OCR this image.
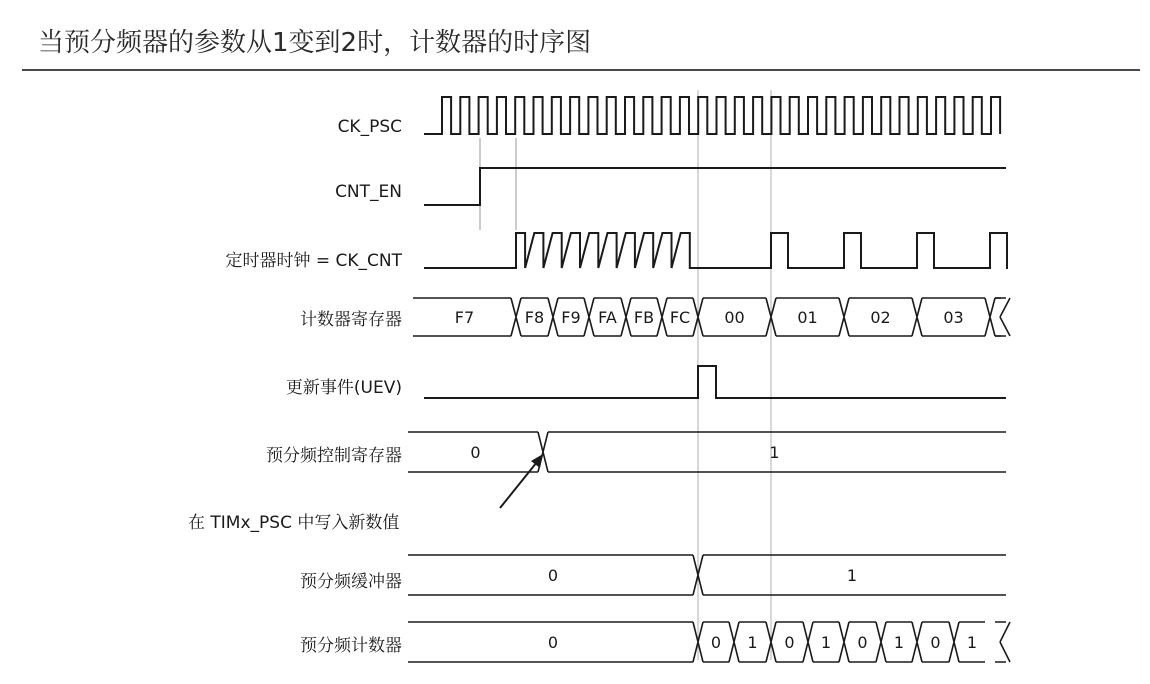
当预分频器的参数从1变到2时，计数器的时序图
CK_PSC
CNT_EN
定时器时钟 = CK_CNT
计数器寄存器
更新事件(UEV)
预分频控制寄存器
预分频缓冲器
预分频计数器
在 TIMx_PSC 中写入新数值
F7	F8 F9 FA FB FC 00	01	02	03
0	1
0	1
0	0 1 0 1 0 1 0 1
